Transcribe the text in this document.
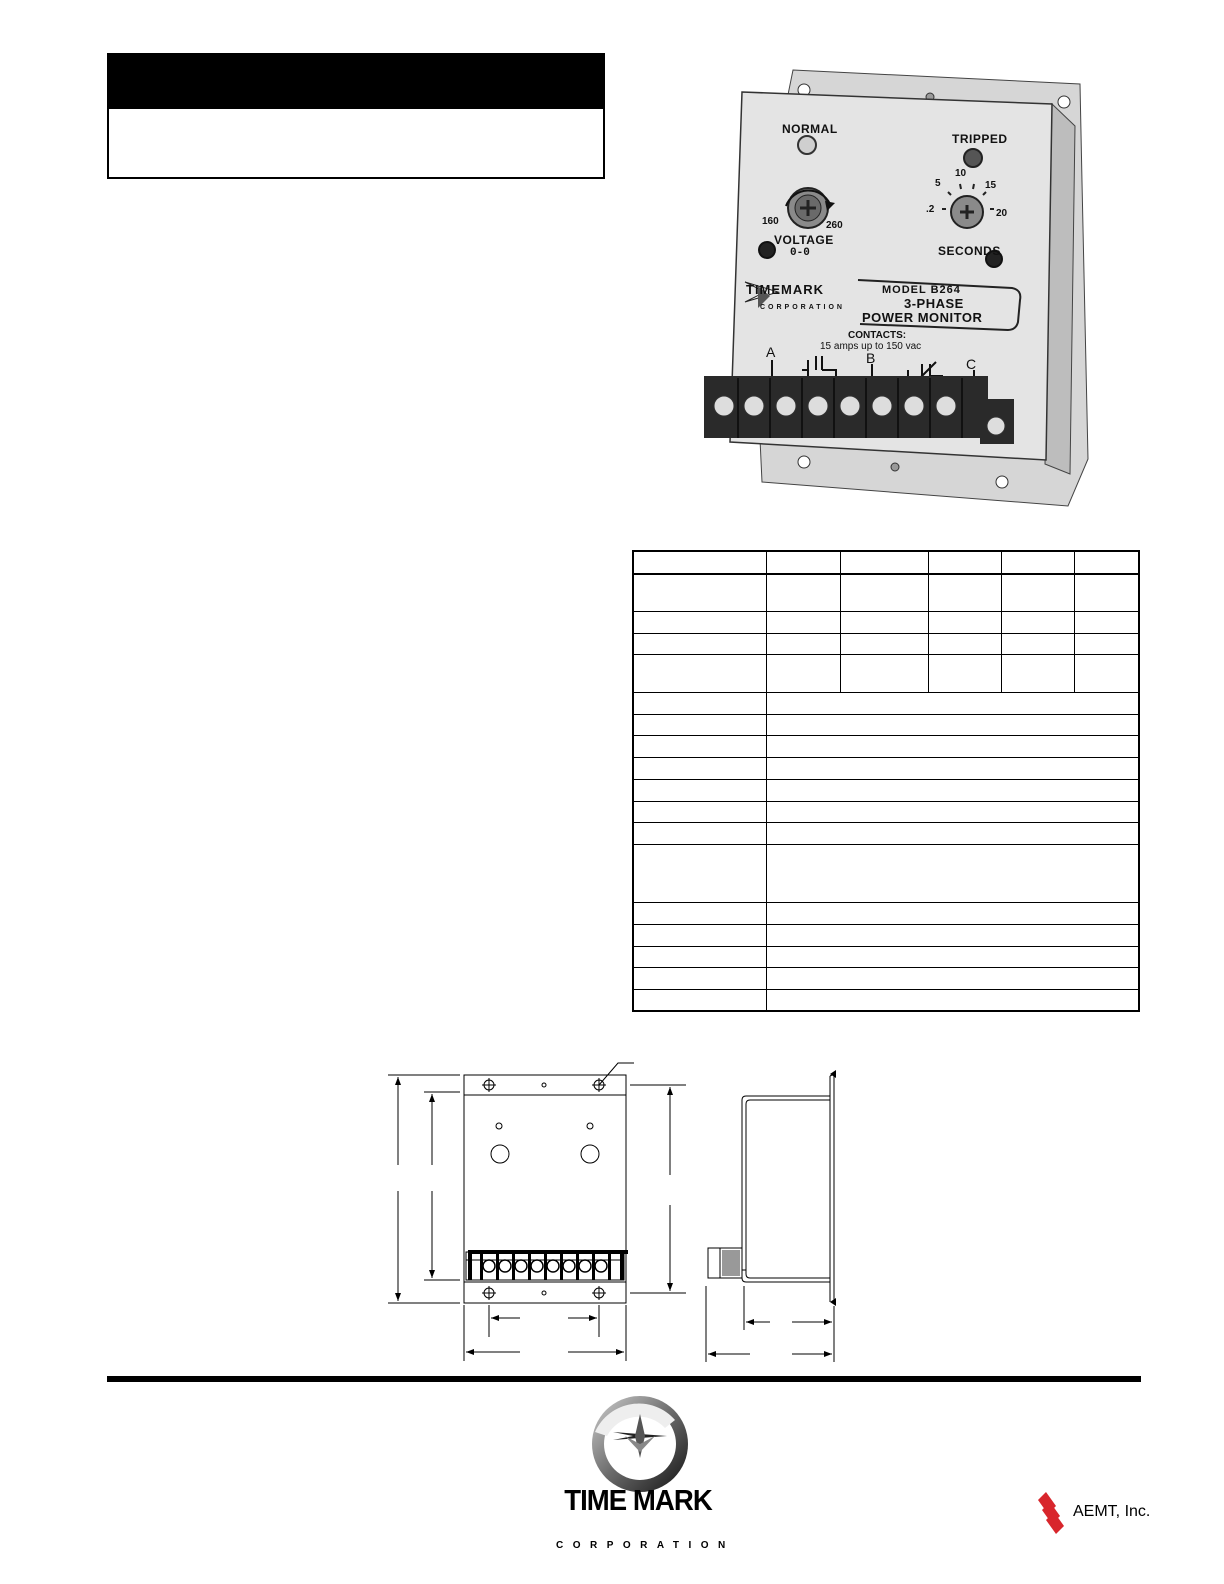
NORMAL
TRIPPED
160	260
VOLTAGE
0-0
.2
5
10
15
20
SECONDS
TIMEMARK
CORPORATION
MODEL B264
3-PHASE
POWER MONITOR
CONTACTS:
15 amps up to 150 vac
A	B	C
TIME MARK
CORPORATION
AEMT, Inc.
